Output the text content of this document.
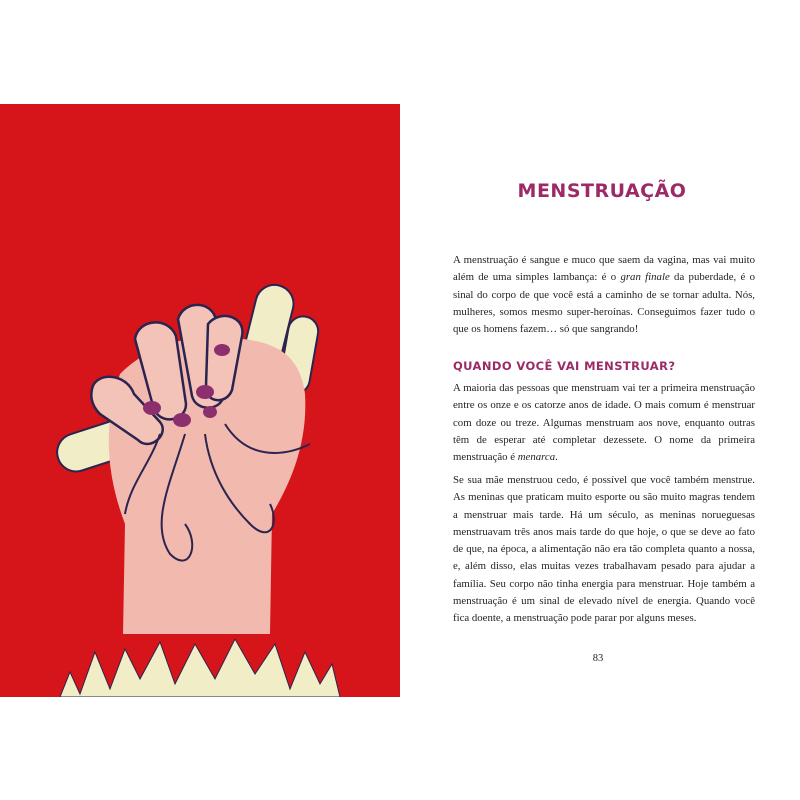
MENSTRUAÇÃO

A menstruação é sangue e muco que saem da vagina, mas vai muito além de uma simples lambança: é o gran finale da puberdade, é o sinal do corpo de que você está a caminho de se tornar adulta. Nós, mulheres, somos mesmo super-heroínas. Conseguimos fazer tudo o que os homens fazem… só que sangrando!

QUANDO VOCÊ VAI MENSTRUAR?

A maioria das pessoas que menstruam vai ter a primeira menstruação entre os onze e os catorze anos de idade. O mais comum é menstruar com doze ou treze. Algumas menstruam aos nove, enquanto outras têm de esperar até completar dezessete. O nome da primeira menstruação é menarca.

Se sua mãe menstruou cedo, é possível que você também menstrue. As meninas que praticam muito esporte ou são muito magras tendem a menstruar mais tarde. Há um século, as meninas norueguesas menstruavam três anos mais tarde do que hoje, o que se deve ao fato de que, na época, a alimentação não era tão completa quanto a nossa, e, além disso, elas muitas vezes trabalhavam pesado para ajudar a família. Seu corpo não tinha energia para menstruar. Hoje também a menstruação é um sinal de elevado nível de energia. Quando você fica doente, a menstruação pode parar por alguns meses.

83
